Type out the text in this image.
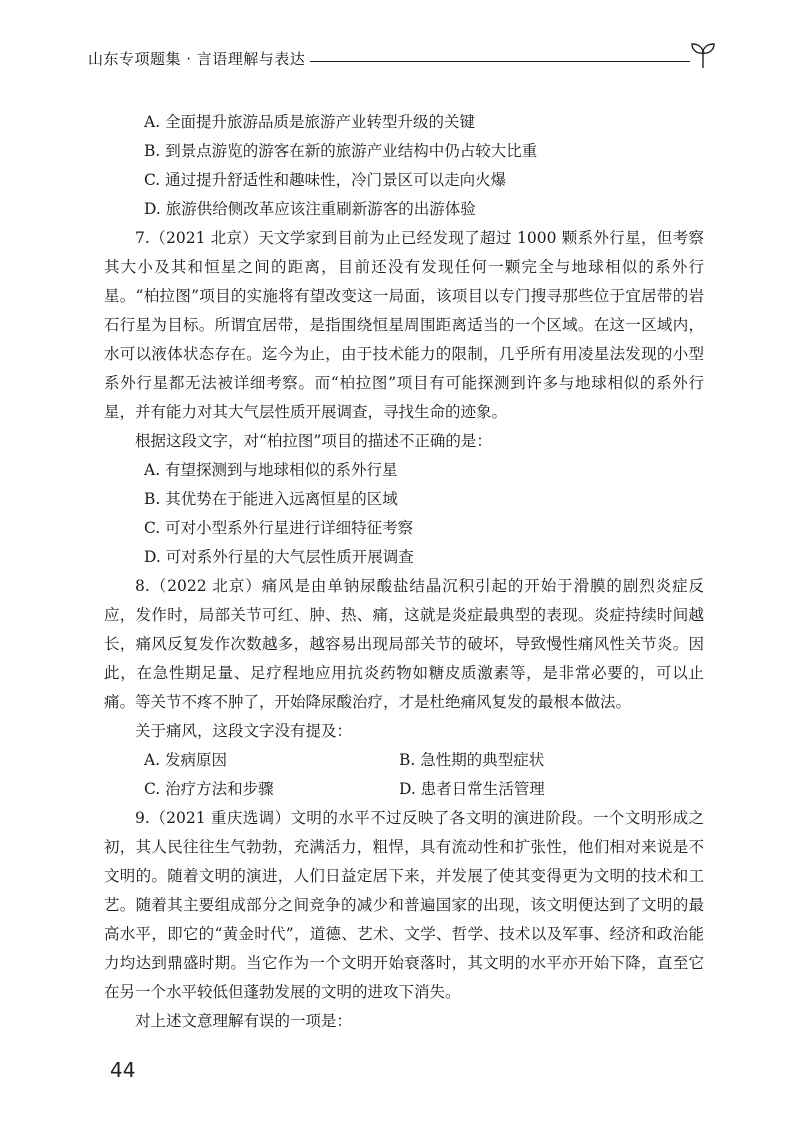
山东专项题集 · 言语理解与表达

A. 全面提升旅游品质是旅游产业转型升级的关键

B. 到景点游览的游客在新的旅游产业结构中仍占较大比重

C. 通过提升舒适性和趣味性，冷门景区可以走向火爆

D. 旅游供给侧改革应该注重刷新游客的出游体验

7.（2021 北京）天文学家到目前为止已经发现了超过 1000 颗系外行星，但考察其大小及其和恒星之间的距离，目前还没有发现任何一颗完全与地球相似的系外行星。“柏拉图”项目的实施将有望改变这一局面，该项目以专门搜寻那些位于宜居带的岩石行星为目标。所谓宜居带，是指围绕恒星周围距离适当的一个区域。在这一区域内，水可以液体状态存在。迄今为止，由于技术能力的限制，几乎所有用凌星法发现的小型系外行星都无法被详细考察。而“柏拉图”项目有可能探测到许多与地球相似的系外行星，并有能力对其大气层性质开展调查，寻找生命的迹象。

根据这段文字，对“柏拉图”项目的描述不正确的是：

A. 有望探测到与地球相似的系外行星

B. 其优势在于能进入远离恒星的区域

C. 可对小型系外行星进行详细特征考察

D. 可对系外行星的大气层性质开展调查

8.（2022 北京）痛风是由单钠尿酸盐结晶沉积引起的开始于滑膜的剧烈炎症反应，发作时，局部关节可红、肿、热、痛，这就是炎症最典型的表现。炎症持续时间越长，痛风反复发作次数越多，越容易出现局部关节的破坏，导致慢性痛风性关节炎。因此，在急性期足量、足疗程地应用抗炎药物如糖皮质激素等，是非常必要的，可以止痛。等关节不疼不肿了，开始降尿酸治疗，才是杜绝痛风复发的最根本做法。

关于痛风，这段文字没有提及：

A. 发病原因	B. 急性期的典型症状
C. 治疗方法和步骤	D. 患者日常生活管理

9.（2021 重庆选调）文明的水平不过反映了各文明的演进阶段。一个文明形成之初，其人民往往生气勃勃，充满活力，粗悍，具有流动性和扩张性，他们相对来说是不文明的。随着文明的演进，人们日益定居下来，并发展了使其变得更为文明的技术和工艺。随着其主要组成部分之间竞争的减少和普遍国家的出现，该文明便达到了文明的最高水平，即它的“黄金时代”，道德、艺术、文学、哲学、技术以及军事、经济和政治能力均达到鼎盛时期。当它作为一个文明开始衰落时，其文明的水平亦开始下降，直至它在另一个水平较低但蓬勃发展的文明的进攻下消失。

对上述文意理解有误的一项是：

44
